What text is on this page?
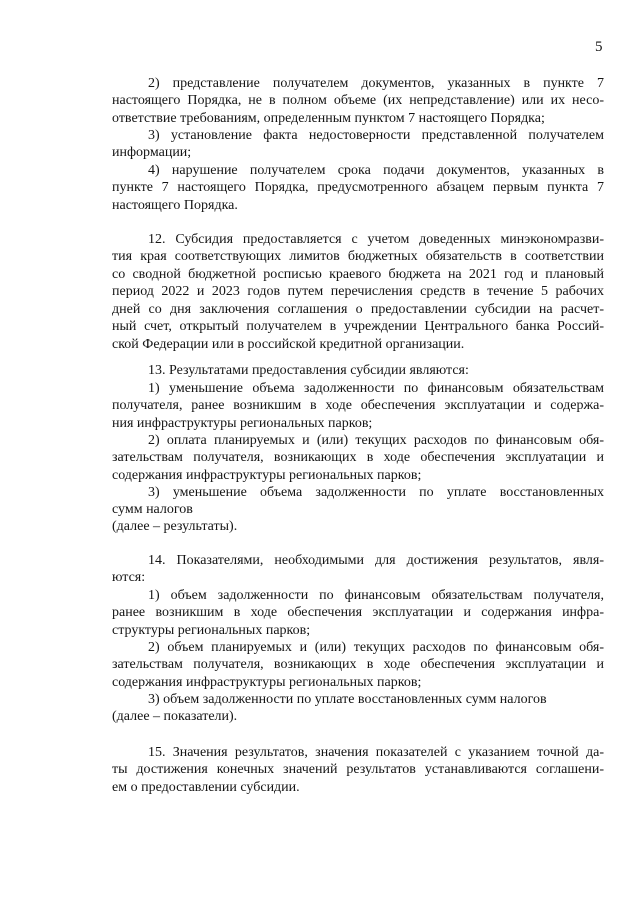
5
2) представление получателем документов, указанных в пункте 7
настоящего Порядка, не в полном объеме (их непредставление) или их несо-
ответствие требованиям, определенным пунктом 7 настоящего Порядка;
3) установление факта недостоверности представленной получателем
информации;
4) нарушение получателем срока подачи документов, указанных в
пункте 7 настоящего Порядка, предусмотренного абзацем первым пункта 7
настоящего Порядка.
12. Субсидия предоставляется с учетом доведенных минэкономразви-
тия края соответствующих лимитов бюджетных обязательств в соответствии
со сводной бюджетной росписью краевого бюджета на 2021 год и плановый
период 2022 и 2023 годов путем перечисления средств в течение 5 рабочих
дней со дня заключения соглашения о предоставлении субсидии на расчет-
ный счет, открытый получателем в учреждении Центрального банка Россий-
ской Федерации или в российской кредитной организации.
13. Результатами предоставления субсидии являются:
1) уменьшение объема задолженности по финансовым обязательствам
получателя, ранее возникшим в ходе обеспечения эксплуатации и содержа-
ния инфраструктуры региональных парков;
2) оплата планируемых и (или) текущих расходов по финансовым обя-
зательствам получателя, возникающих в ходе обеспечения эксплуатации и
содержания инфраструктуры региональных парков;
3) уменьшение объема задолженности по уплате восстановленных
сумм налогов
(далее – результаты).
14. Показателями, необходимыми для достижения результатов, явля-
ются:
1) объем задолженности по финансовым обязательствам получателя,
ранее возникшим в ходе обеспечения эксплуатации и содержания инфра-
структуры региональных парков;
2) объем планируемых и (или) текущих расходов по финансовым обя-
зательствам получателя, возникающих в ходе обеспечения эксплуатации и
содержания инфраструктуры региональных парков;
3) объем задолженности по уплате восстановленных сумм налогов
(далее – показатели).
15. Значения результатов, значения показателей с указанием точной да-
ты достижения конечных значений результатов устанавливаются соглашени-
ем о предоставлении субсидии.
